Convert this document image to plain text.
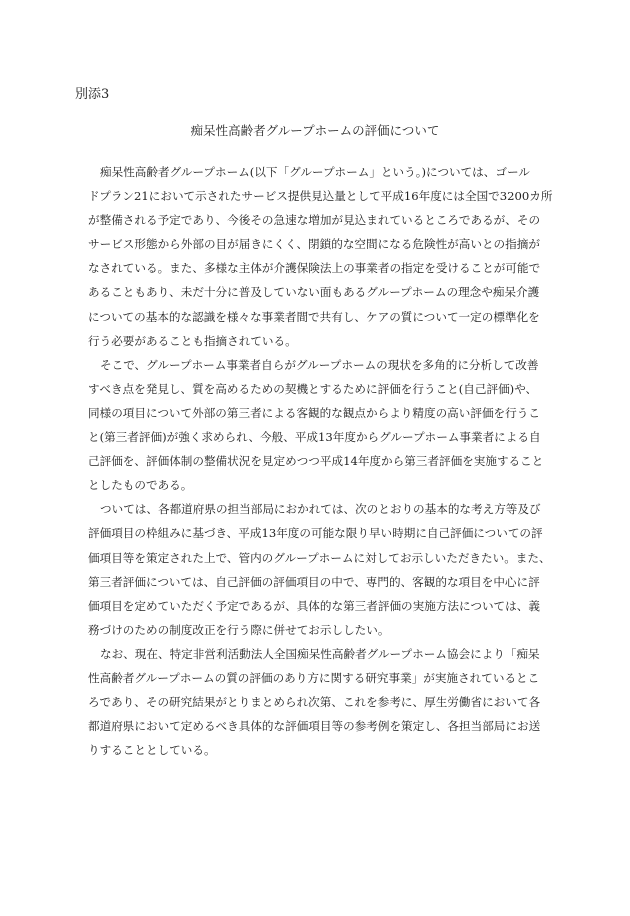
別添3
痴呆性高齢者グループホームの評価について
痴呆性高齢者グループホーム(以下「グループホーム」という。)については、ゴール
ドプラン21において示されたサービス提供見込量として平成16年度には全国で3200カ所
が整備される予定であり、今後その急速な増加が見込まれているところであるが、その
サービス形態から外部の目が届きにくく、閉鎖的な空間になる危険性が高いとの指摘が
なされている。また、多様な主体が介護保険法上の事業者の指定を受けることが可能で
あることもあり、未だ十分に普及していない面もあるグループホームの理念や痴呆介護
についての基本的な認識を様々な事業者間で共有し、ケアの質について一定の標準化を
行う必要があることも指摘されている。
そこで、グループホーム事業者自らがグループホームの現状を多角的に分析して改善
すべき点を発見し、質を高めるための契機とするために評価を行うこと(自己評価)や、
同様の項目について外部の第三者による客観的な観点からより精度の高い評価を行うこ
と(第三者評価)が強く求められ、今般、平成13年度からグループホーム事業者による自
己評価を、評価体制の整備状況を見定めつつ平成14年度から第三者評価を実施すること
としたものである。
ついては、各都道府県の担当部局におかれては、次のとおりの基本的な考え方等及び
評価項目の枠組みに基づき、平成13年度の可能な限り早い時期に自己評価についての評
価項目等を策定された上で、管内のグループホームに対してお示しいただきたい。また、
第三者評価については、自己評価の評価項目の中で、専門的、客観的な項目を中心に評
価項目を定めていただく予定であるが、具体的な第三者評価の実施方法については、義
務づけのための制度改正を行う際に併せてお示ししたい。
なお、現在、特定非営利活動法人全国痴呆性高齢者グループホーム協会により「痴呆
性高齢者グループホームの質の評価のあり方に関する研究事業」が実施されているとこ
ろであり、その研究結果がとりまとめられ次第、これを参考に、厚生労働省において各
都道府県において定めるべき具体的な評価項目等の参考例を策定し、各担当部局にお送
りすることとしている。
